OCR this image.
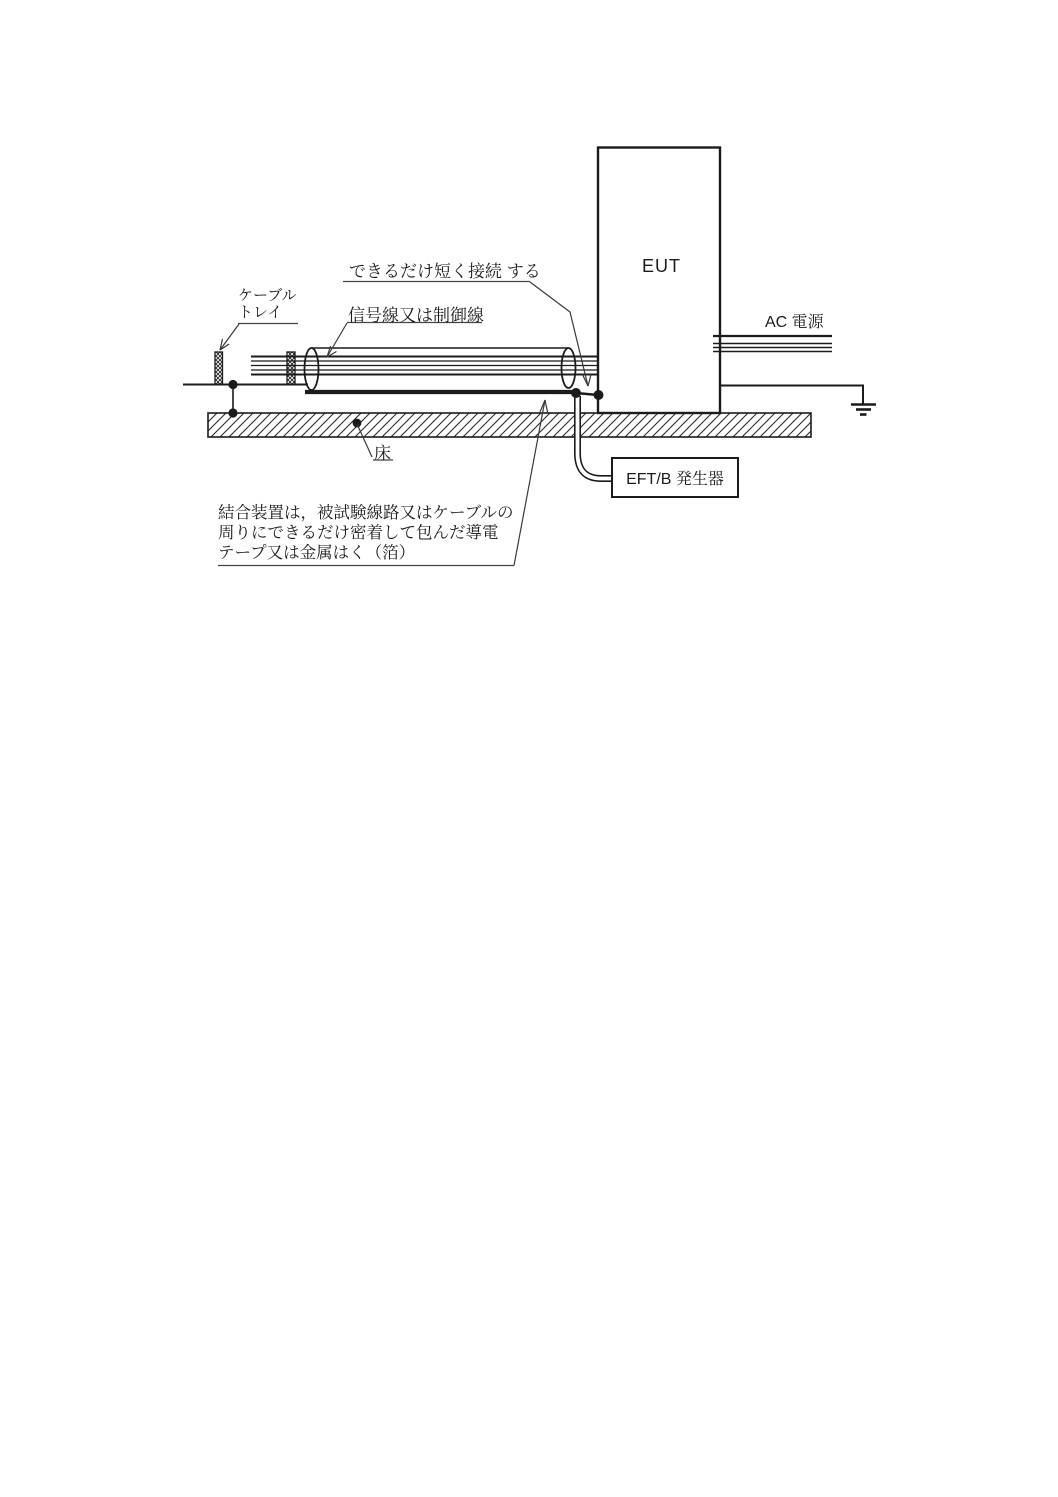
できるだけ短く接続 する
信号線又は制御線
ケーブル
トレイ
EUT
AC 電源
床
EFT/B 発生器
結合装置は，被試験線路又はケーブルの
周りにできるだけ密着して包んだ導電
テープ又は金属はく（箔）
